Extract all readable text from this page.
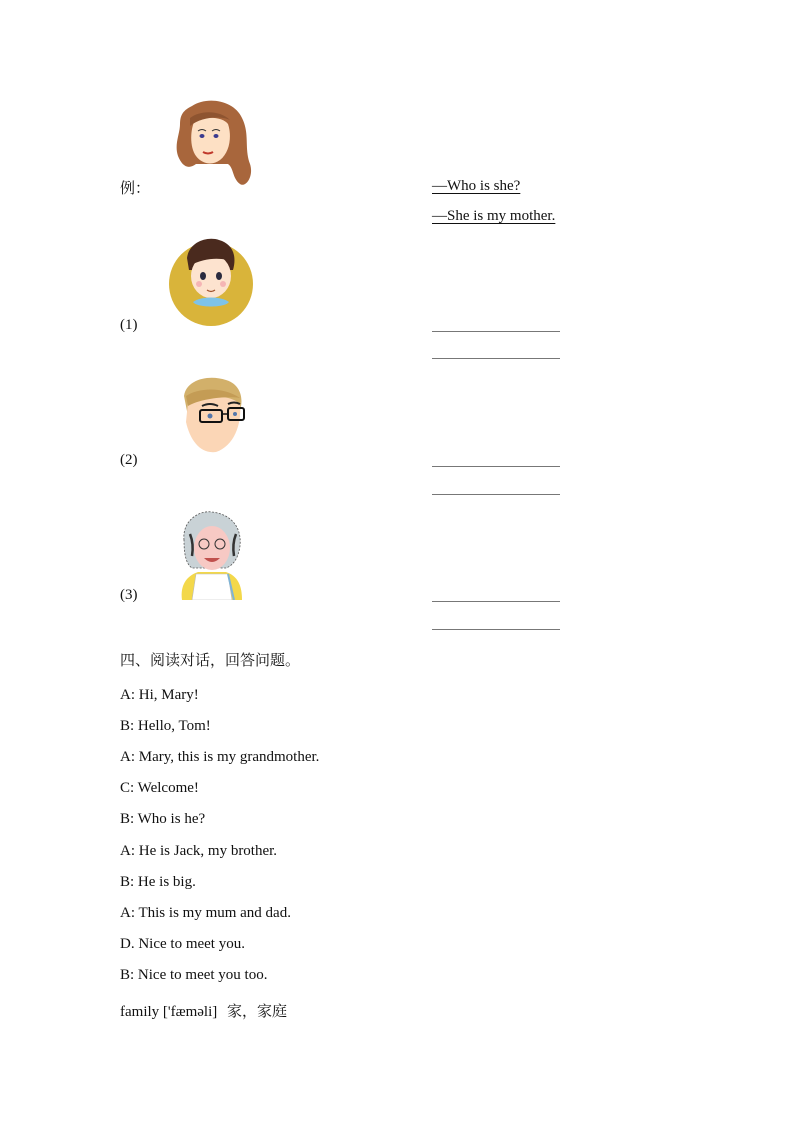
例：	—Who is she?
—She is my mother.
(1)
(2)
(3)
四、阅读对话，回答问题。
A: Hi, Mary!
B: Hello, Tom!
A: Mary, this is my grandmother.
C: Welcome!
B: Who is he?
A: He is Jack, my brother.
B: He is big.
A: This is my mum and dad.
D. Nice to meet you.
B: Nice to meet you too.
family ['fæməli] 家，家庭
